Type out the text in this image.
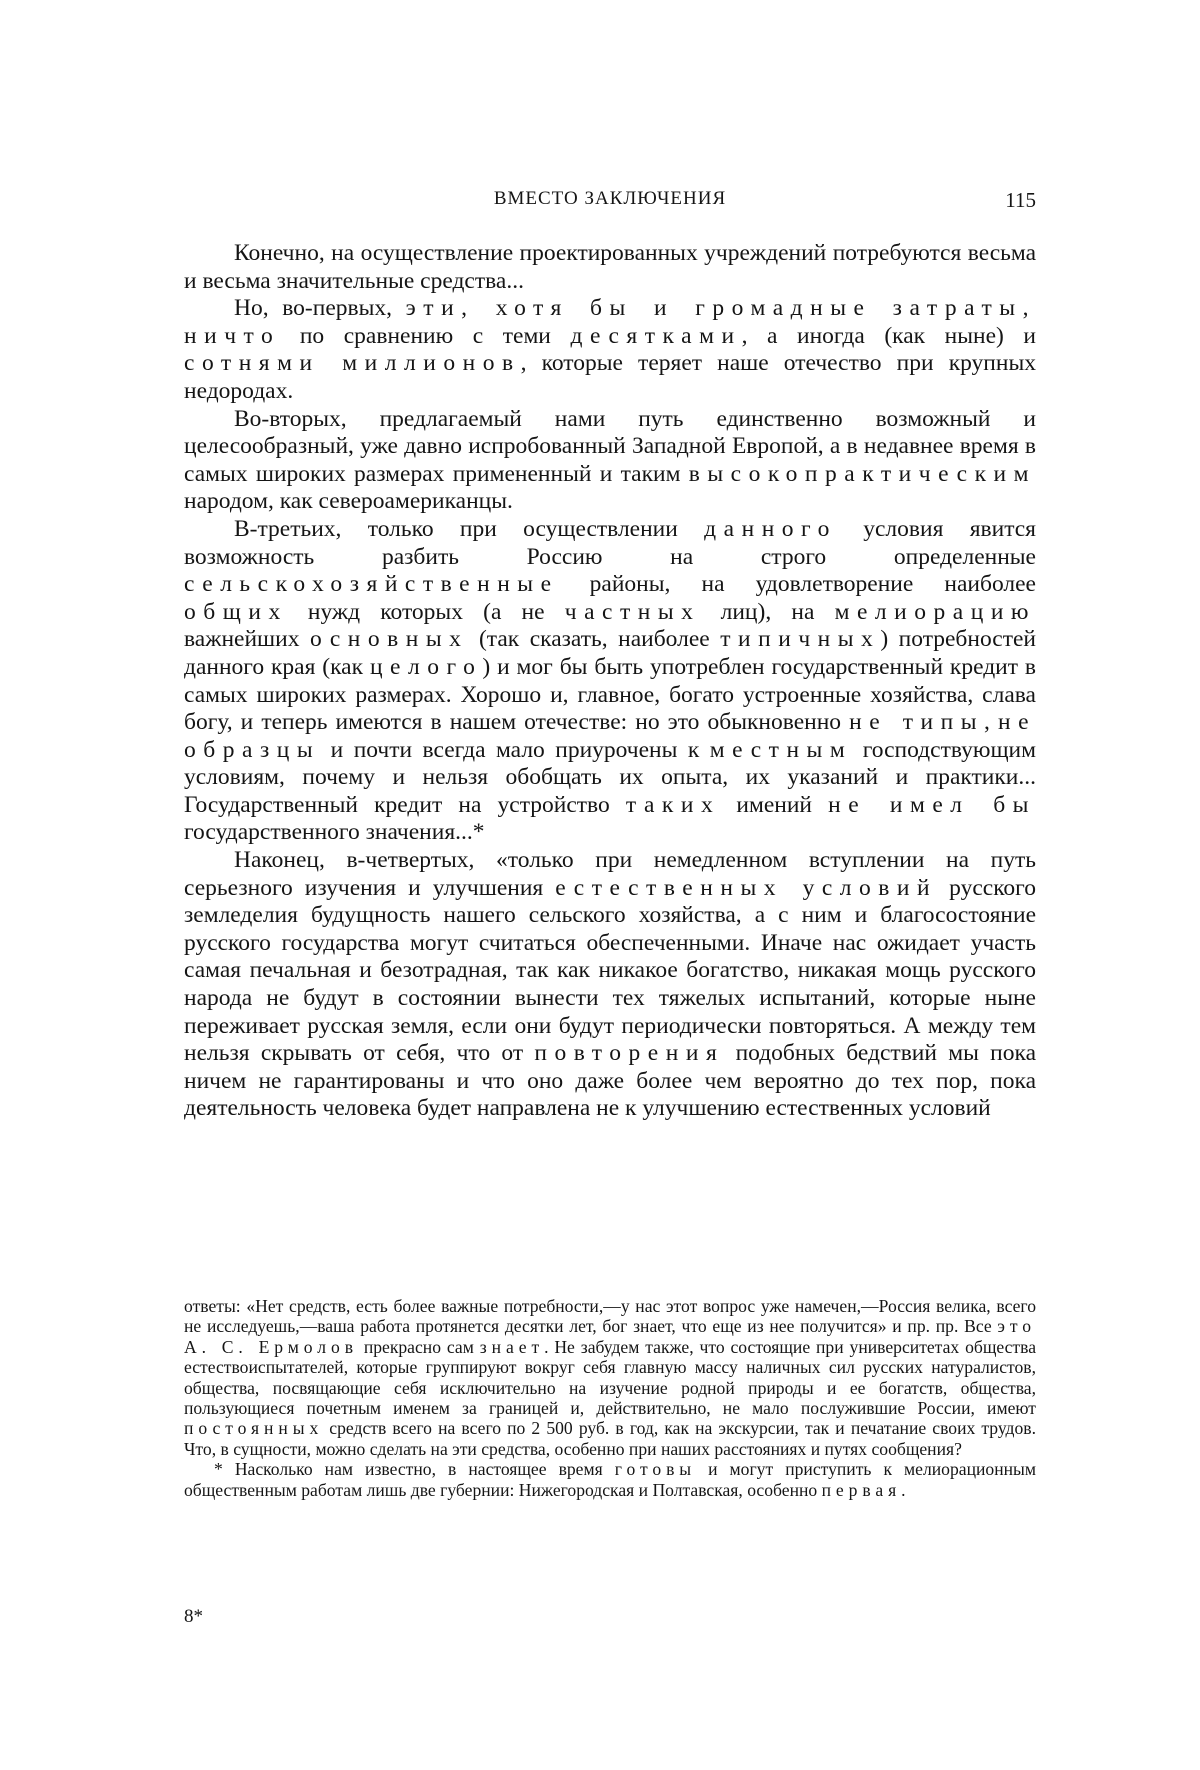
ВМЕСТО ЗАКЛЮЧЕНИЯ	115

Конечно, на осуществление проектированных учреждений потребуются весьма и весьма значительные средства...

Но, во-первых, эти, хотя бы и громадные затраты, ничто по сравнению с теми десятками, а иногда (как ныне) и сотнями миллионов, которые теряет наше отечество при крупных недородах.

Во-вторых, предлагаемый нами путь единственно возможный и целесообразный, уже давно испробованный Западной Европой, а в недавнее время в самых широких размерах примененный и таким высокопрактическим народом, как североамериканцы.

В-третьих, только при осуществлении данного условия явится возможность разбить Россию на строго определенные сельскохозяйственные районы, на удовлетворение наиболее общих нужд которых (а не частных лиц), на мелиорацию важнейших основных (так сказать, наиболее типичных) потребностей данного края (как целого) и мог бы быть употреблен государственный кредит в самых широких размерах. Хорошо и, главное, богато устроенные хозяйства, слава богу, и теперь имеются в нашем отечестве: но это обыкновенно не типы, не образцы и почти всегда мало приурочены к местным господствующим условиям, почему и нельзя обобщать их опыта, их указаний и практики... Государственный кредит на устройство таких имений не имел бы государственного значения...*

Наконец, в-четвертых, «только при немедленном вступлении на путь серьезного изучения и улучшения естественных условий русского земледелия будущность нашего сельского хозяйства, а с ним и благосостояние русского государства могут считаться обеспеченными. Иначе нас ожидает участь самая печальная и безотрадная, так как никакое богатство, никакая мощь русского народа не будут в состоянии вынести тех тяжелых испытаний, которые ныне переживает русская земля, если они будут периодически повторяться. А между тем нельзя скрывать от себя, что от повторения подобных бедствий мы пока ничем не гарантированы и что оно даже более чем вероятно до тех пор, пока деятельность человека будет направлена не к улучшению естественных условий

ответы: «Нет средств, есть более важные потребности,—у нас этот вопрос уже намечен,—Россия велика, всего не исследуешь,—ваша работа протянется десятки лет, бог знает, что еще из нее получится» и пр. пр. Все это А. С. Ермолов прекрасно сам знает. Не забудем также, что состоящие при университетах общества естествоиспытателей, которые группируют вокруг себя главную массу наличных сил русских натуралистов, общества, посвящающие себя исключительно на изучение родной природы и ее богатств, общества, пользующиеся почетным именем за границей и, действительно, не мало послужившие России, имеют постоянных средств всего на всего по 2 500 руб. в год, как на экскурсии, так и печатание своих трудов. Что, в сущности, можно сделать на эти средства, особенно при наших расстояниях и путях сообщения?

* Насколько нам известно, в настоящее время готовы и могут приступить к мелиорационным общественным работам лишь две губернии: Нижегородская и Полтавская, особенно первая.

8*
